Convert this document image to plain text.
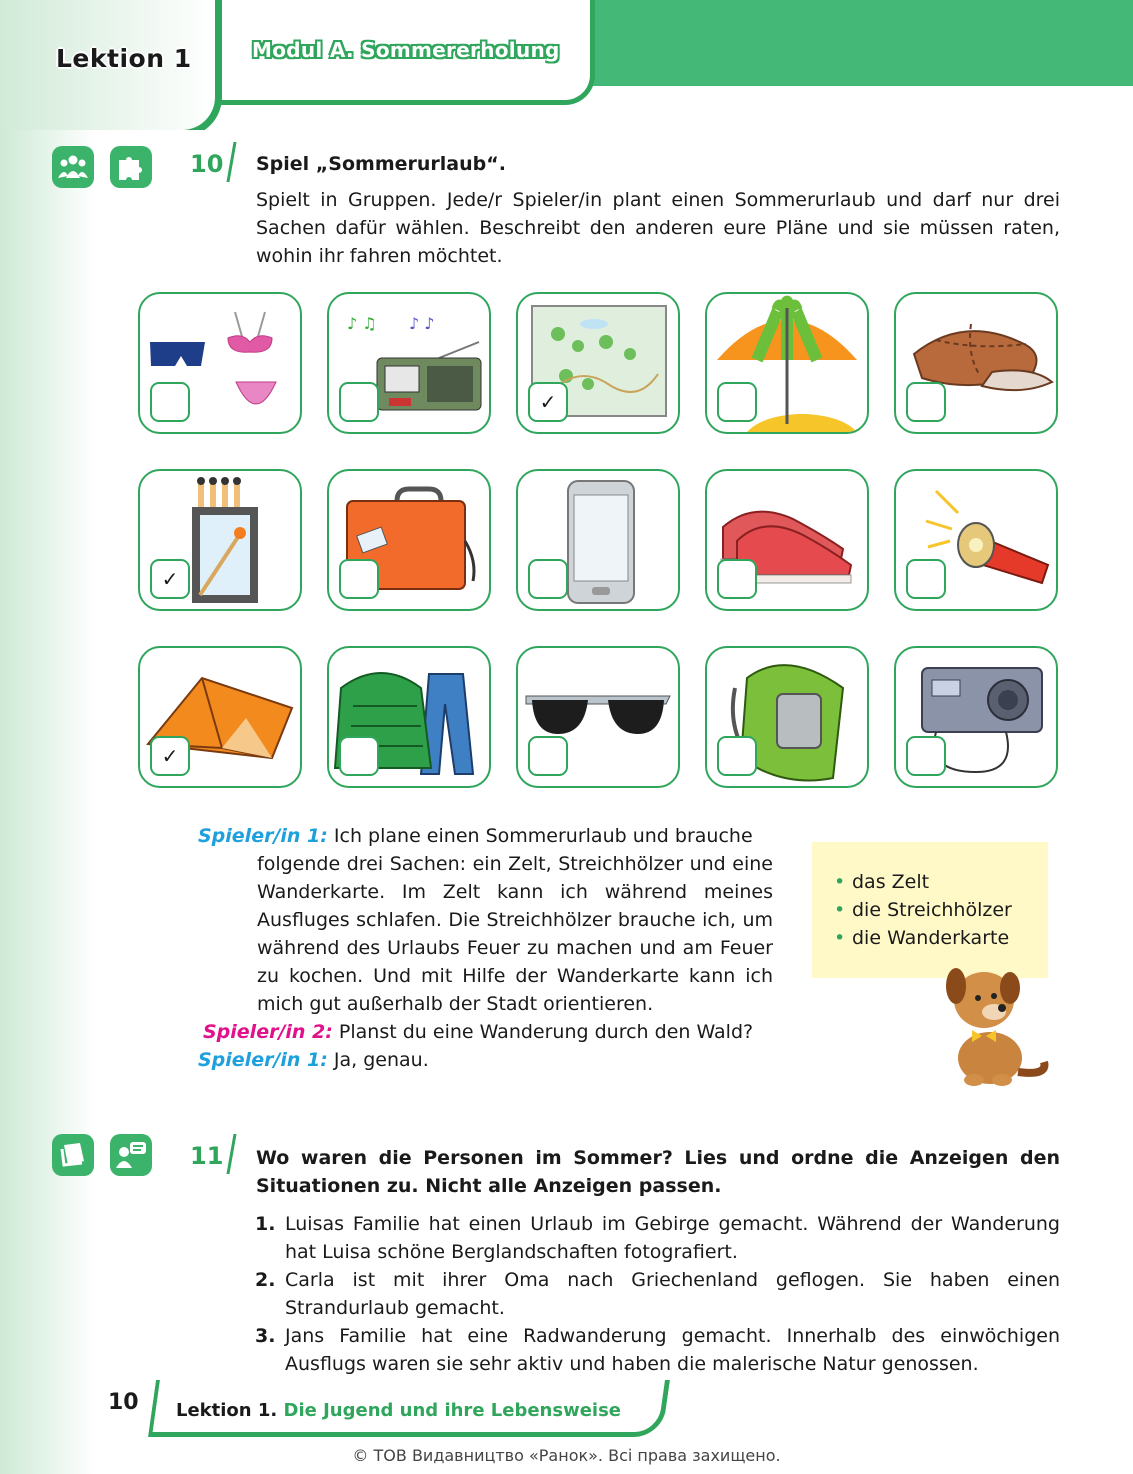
Lektion 1	Modul A. Sommererholung
10 Spiel „Sommerurlaub“.
Spielt in Gruppen. Jede/r Spieler/in plant einen Sommerurlaub und darf nur drei Sachen dafür wählen. Beschreibt den anderen eure Pläne und sie müssen raten, wohin ihr fahren möchtet.
♪ ♫ ♪ ♪
✓
✓
✓
Spieler/in 1: Ich plane einen Sommerurlaub und brauche
folgende drei Sachen: ein Zelt, Streichhölzer und eine Wanderkarte. Im Zelt kann ich während meines Ausfluges schlafen. Die Streichhölzer brauche ich, um während des Urlaubs Feuer zu machen und am Feuer zu kochen. Und mit Hilfe der Wanderkarte kann ich mich gut außerhalb der Stadt orientieren.
Spieler/in 2: Planst du eine Wanderung durch den Wald?
Spieler/in 1: Ja, genau.
• das Zelt
• die Streichhölzer
• die Wanderkarte
11 Wo waren die Personen im Sommer? Lies und ordne die Anzeigen den Situationen zu. Nicht alle Anzeigen passen.
1. Luisas Familie hat einen Urlaub im Gebirge gemacht. Während der Wanderung hat Luisa schöne Berglandschaften fotografiert.
2. Carla ist mit ihrer Oma nach Griechenland geflogen. Sie haben einen Strandurlaub gemacht.
3. Jans Familie hat eine Radwanderung gemacht. Innerhalb des einwöchigen Ausflugs waren sie sehr aktiv und haben die malerische Natur genossen.
10 Lektion 1. Die Jugend und ihre Lebensweise
© ТОВ Видавництво «Ранок». Всі права захищено.
